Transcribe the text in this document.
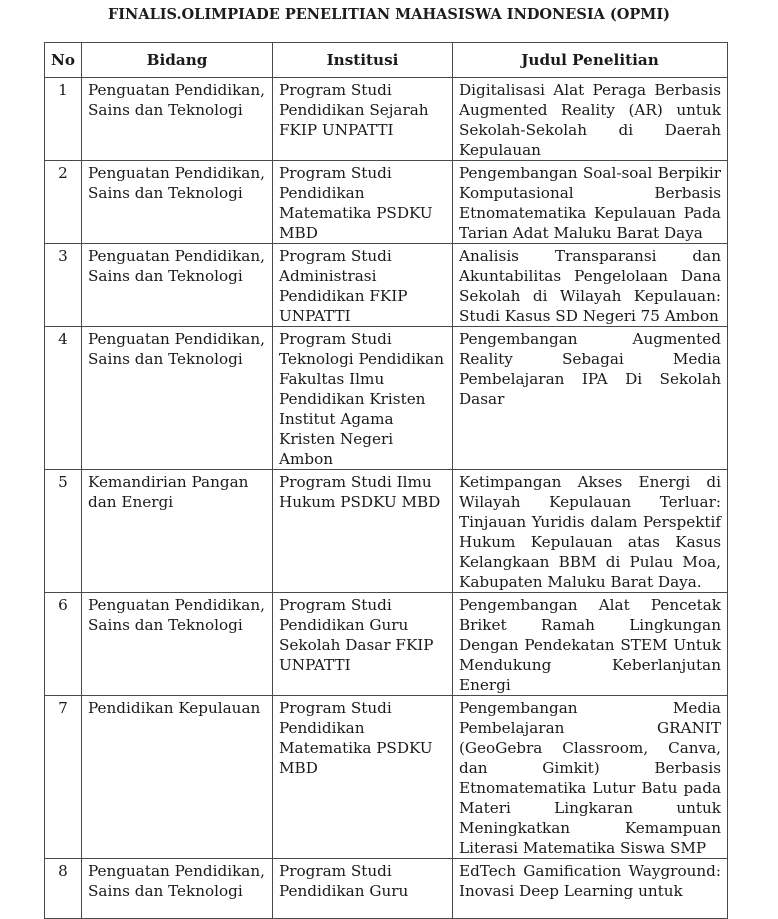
FINALIS.OLIMPIADE PENELITIAN MAHASISWA INDONESIA (OPMI)
No	Bidang	Institusi	Judul Penelitian
1	Penguatan Pendidikan, Sains dan Teknologi	Program Studi Pendidikan Sejarah FKIP UNPATTI	Digitalisasi Alat Peraga Berbasis Augmented Reality (AR) untuk Sekolah-Sekolah di Daerah Kepulauan
2	Penguatan Pendidikan, Sains dan Teknologi	Program Studi Pendidikan Matematika PSDKU MBD	Pengembangan Soal-soal Berpikir Komputasional Berbasis Etnomatematika Kepulauan Pada Tarian Adat Maluku Barat Daya
3	Penguatan Pendidikan, Sains dan Teknologi	Program Studi Administrasi Pendidikan FKIP UNPATTI	Analisis Transparansi dan Akuntabilitas Pengelolaan Dana Sekolah di Wilayah Kepulauan: Studi Kasus SD Negeri 75 Ambon
4	Penguatan Pendidikan, Sains dan Teknologi	Program Studi Teknologi Pendidikan Fakultas Ilmu Pendidikan Kristen Institut Agama Kristen Negeri Ambon	Pengembangan Augmented Reality Sebagai Media Pembelajaran IPA Di Sekolah Dasar
5	Kemandirian Pangan dan Energi	Program Studi Ilmu Hukum PSDKU MBD	Ketimpangan Akses Energi di Wilayah Kepulauan Terluar: Tinjauan Yuridis dalam Perspektif Hukum Kepulauan atas Kasus Kelangkaan BBM di Pulau Moa, Kabupaten Maluku Barat Daya.
6	Penguatan Pendidikan, Sains dan Teknologi	Program Studi Pendidikan Guru Sekolah Dasar FKIP UNPATTI	Pengembangan Alat Pencetak Briket Ramah Lingkungan Dengan Pendekatan STEM Untuk Mendukung Keberlanjutan Energi
7	Pendidikan Kepulauan	Program Studi Pendidikan Matematika PSDKU MBD	Pengembangan Media Pembelajaran GRANIT (GeoGebra Classroom, Canva, dan Gimkit) Berbasis Etnomatematika Lutur Batu pada Materi Lingkaran untuk Meningkatkan Kemampuan Literasi Matematika Siswa SMP
8	Penguatan Pendidikan, Sains dan Teknologi	Program Studi Pendidikan Guru	EdTech Gamification Wayground: Inovasi Deep Learning untuk
